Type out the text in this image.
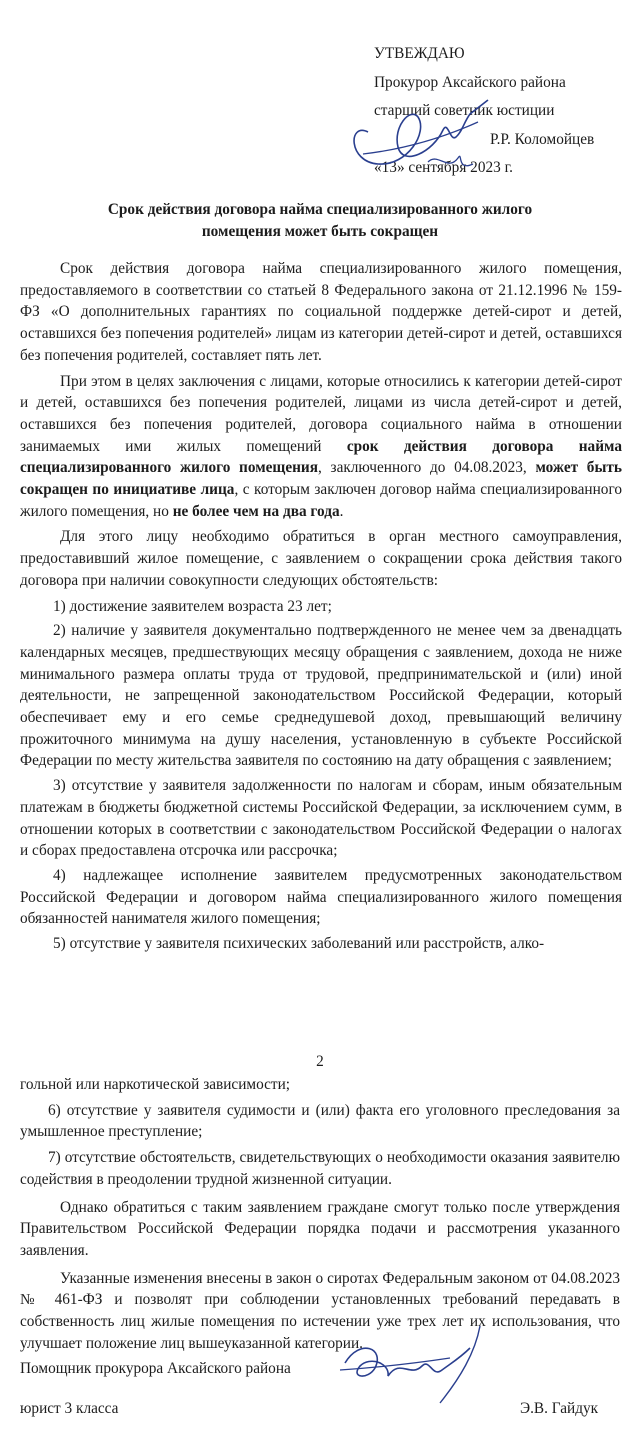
УТВЕЖДАЮ
Прокурор Аксайского района
старший советник юстиции
Р.Р. Коломойцев
«13» сентября 2023 г.
Срок действия договора найма специализированного жилого
помещения может быть сокращен

Срок действия договора найма специализированного жилого помещения, предоставляемого в соответствии со статьей 8 Федерального закона от 21.12.1996 № 159-ФЗ «О дополнительных гарантиях по социальной поддержке детей-сирот и детей, оставшихся без попечения родителей» лицам из категории детей-сирот и детей, оставшихся без попечения родителей, составляет пять лет.

При этом в целях заключения с лицами, которые относились к категории детей-сирот и детей, оставшихся без попечения родителей, лицами из числа детей-сирот и детей, оставшихся без попечения родителей, договора социального найма в отношении занимаемых ими жилых помещений срок действия договора найма специализированного жилого помещения, заключенного до 04.08.2023, может быть сокращен по инициативе лица, с которым заключен договор найма специализированного жилого помещения, но не более чем на два года.

Для этого лицу необходимо обратиться в орган местного самоуправления, предоставивший жилое помещение, с заявлением о сокращении срока действия такого договора при наличии совокупности следующих обстоятельств:

1) достижение заявителем возраста 23 лет;

2) наличие у заявителя документально подтвержденного не менее чем за двенадцать календарных месяцев, предшествующих месяцу обращения с заявлением, дохода не ниже минимального размера оплаты труда от трудовой, предпринимательской и (или) иной деятельности, не запрещенной законодательством Российской Федерации, который обеспечивает ему и его семье среднедушевой доход, превышающий величину прожиточного минимума на душу населения, установленную в субъекте Российской Федерации по месту жительства заявителя по состоянию на дату обращения с заявлением;

3) отсутствие у заявителя задолженности по налогам и сборам, иным обязательным платежам в бюджеты бюджетной системы Российской Федерации, за исключением сумм, в отношении которых в соответствии с законодательством Российской Федерации о налогах и сборах предоставлена отсрочка или рассрочка;

4) надлежащее исполнение заявителем предусмотренных законодательством Российской Федерации и договором найма специализированного жилого помещения обязанностей нанимателя жилого помещения;

5) отсутствие у заявителя психических заболеваний или расстройств, алко-

2

гольной или наркотической зависимости;

6) отсутствие у заявителя судимости и (или) факта его уголовного преследования за умышленное преступление;

7) отсутствие обстоятельств, свидетельствующих о необходимости оказания заявителю содействия в преодолении трудной жизненной ситуации.

Однако обратиться с таким заявлением граждане смогут только после утверждения Правительством Российской Федерации порядка подачи и рассмотрения указанного заявления.

Указанные изменения внесены в закон о сиротах Федеральным законом от 04.08.2023 № 461-ФЗ и позволят при соблюдении установленных требований передавать в собственность лиц жилые помещения по истечении уже трех лет их использования, что улучшает положение лиц вышеуказанной категории.

Помощник прокурора Аксайского района
юрист 3 класса	Э.В. Гайдук
